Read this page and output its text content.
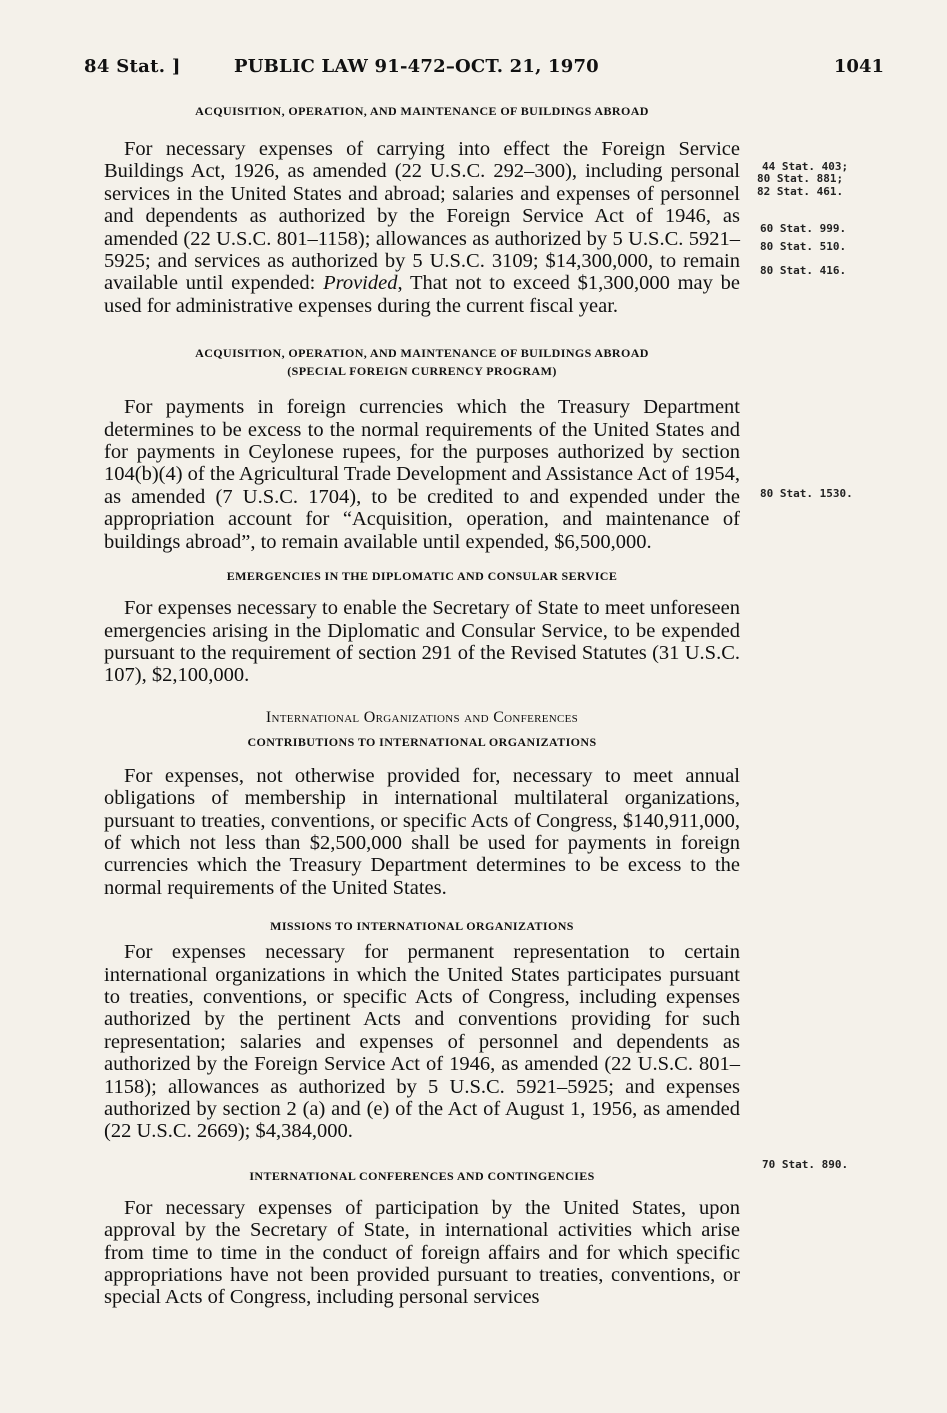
84 Stat. ]	PUBLIC LAW 91-472–OCT. 21, 1970	1041

ACQUISITION, OPERATION, AND MAINTENANCE OF BUILDINGS ABROAD

For necessary expenses of carrying into effect the Foreign Service Buildings Act, 1926, as amended (22 U.S.C. 292–300), including personal services in the United States and abroad; salaries and expenses of personnel and dependents as authorized by the Foreign Service Act of 1946, as amended (22 U.S.C. 801–1158); allowances as authorized by 5 U.S.C. 5921–5925; and services as authorized by 5 U.S.C. 3109; $14,300,000, to remain available until expended: Provided, That not to exceed $1,300,000 may be used for administrative expenses during the current fiscal year.

ACQUISITION, OPERATION, AND MAINTENANCE OF BUILDINGS ABROAD

(SPECIAL FOREIGN CURRENCY PROGRAM)

For payments in foreign currencies which the Treasury Department determines to be excess to the normal requirements of the United States and for payments in Ceylonese rupees, for the purposes authorized by section 104(b)(4) of the Agricultural Trade Development and Assistance Act of 1954, as amended (7 U.S.C. 1704), to be credited to and expended under the appropriation account for “Acquisition, operation, and maintenance of buildings abroad”, to remain available until expended, $6,500,000.

EMERGENCIES IN THE DIPLOMATIC AND CONSULAR SERVICE

For expenses necessary to enable the Secretary of State to meet unforeseen emergencies arising in the Diplomatic and Consular Service, to be expended pursuant to the requirement of section 291 of the Revised Statutes (31 U.S.C. 107), $2,100,000.

International Organizations and Conferences

CONTRIBUTIONS TO INTERNATIONAL ORGANIZATIONS

For expenses, not otherwise provided for, necessary to meet annual obligations of membership in international multilateral organizations, pursuant to treaties, conventions, or specific Acts of Congress, $140,911,000, of which not less than $2,500,000 shall be used for payments in foreign currencies which the Treasury Department determines to be excess to the normal requirements of the United States.

MISSIONS TO INTERNATIONAL ORGANIZATIONS

For expenses necessary for permanent representation to certain international organizations in which the United States participates pursuant to treaties, conventions, or specific Acts of Congress, including expenses authorized by the pertinent Acts and conventions providing for such representation; salaries and expenses of personnel and dependents as authorized by the Foreign Service Act of 1946, as amended (22 U.S.C. 801–1158); allowances as authorized by 5 U.S.C. 5921–5925; and expenses authorized by section 2 (a) and (e) of the Act of August 1, 1956, as amended (22 U.S.C. 2669); $4,384,000.

INTERNATIONAL CONFERENCES AND CONTINGENCIES

For necessary expenses of participation by the United States, upon approval by the Secretary of State, in international activities which arise from time to time in the conduct of foreign affairs and for which specific appropriations have not been provided pursuant to treaties, conventions, or special Acts of Congress, including personal services

44 Stat. 403;
80 Stat. 881;
82 Stat. 461.
60 Stat. 999.
80 Stat. 510.
80 Stat. 416.
80 Stat. 1530.
70 Stat. 890.
